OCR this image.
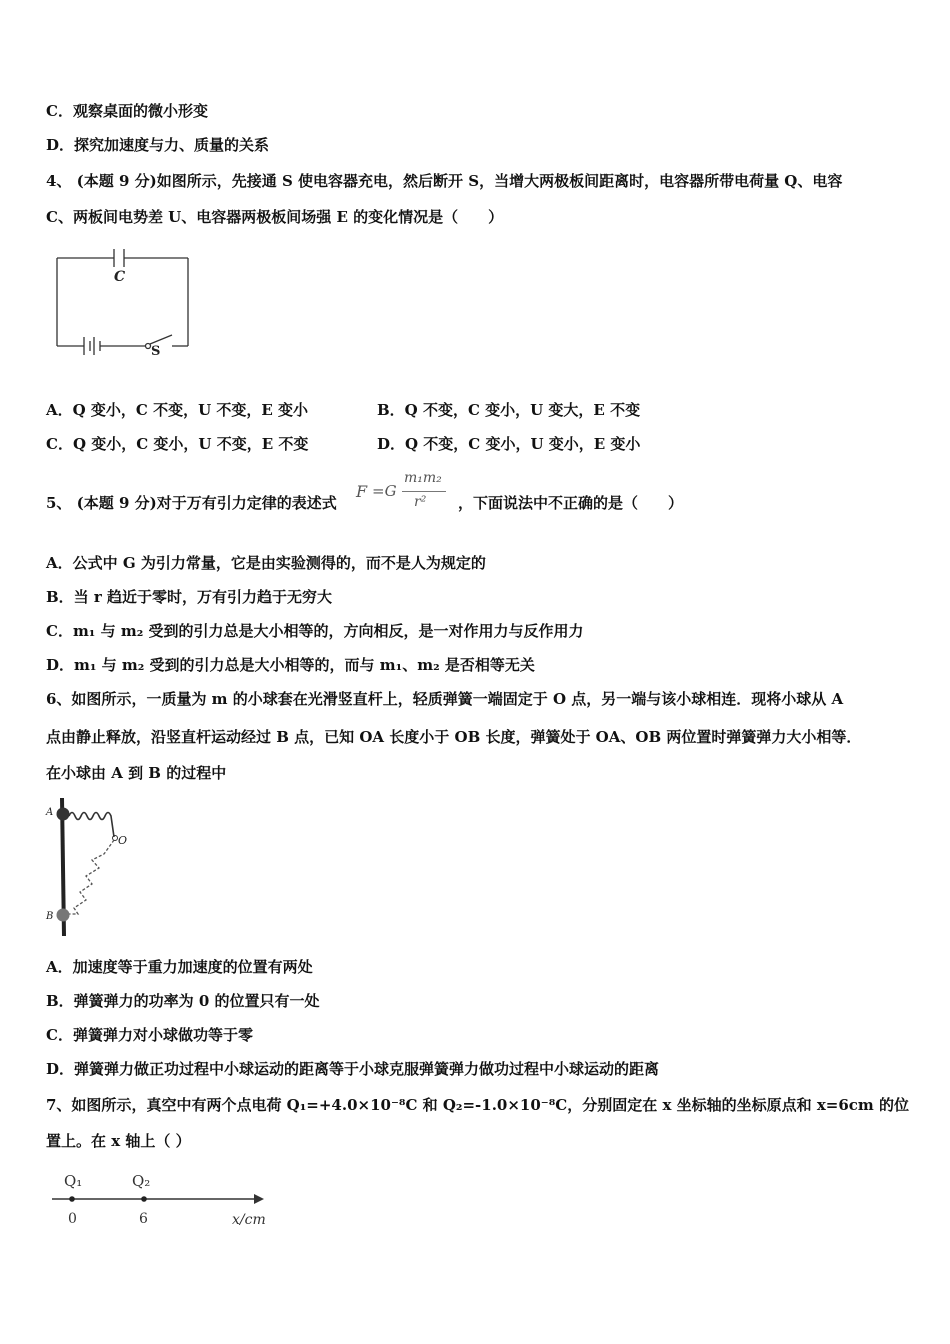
C．观察桌面的微小形变
D．探究加速度与力、质量的关系
4、 (本题 9 分)如图所示，先接通 S 使电容器充电，然后断开 S，当增大两极板间距离时，电容器所带电荷量 Q、电容
C、两板间电势差 U、电容器两极板间场强 E 的变化情况是（　　）
C
S
A．Q 变小，C 不变，U 不变，E 变小	B．Q 不变，C 变小，U 变大，E 不变
C．Q 变小，C 变小，U 不变，E 不变	D．Q 不变，C 变小，U 变小，E 变小
5、 (本题 9 分)对于万有引力定律的表述式
F =G
m₁m₂
r² ，下面说法中不正确的是（　　）
A．公式中 G 为引力常量，它是由实验测得的，而不是人为规定的
B．当 r 趋近于零时，万有引力趋于无穷大
C．m₁ 与 m₂ 受到的引力总是大小相等的，方向相反，是一对作用力与反作用力
D．m₁ 与 m₂ 受到的引力总是大小相等的，而与 m₁、m₂ 是否相等无关
6、如图所示，一质量为 m 的小球套在光滑竖直杆上，轻质弹簧一端固定于 O 点，另一端与该小球相连．现将小球从 A
点由静止释放，沿竖直杆运动经过 B 点，已知 OA 长度小于 OB 长度，弹簧处于 OA、OB 两位置时弹簧弹力大小相等．
在小球由 A 到 B 的过程中
A
O
B
A．加速度等于重力加速度的位置有两处
B．弹簧弹力的功率为 0 的位置只有一处
C．弹簧弹力对小球做功等于零
D．弹簧弹力做正功过程中小球运动的距离等于小球克服弹簧弹力做功过程中小球运动的距离
7、如图所示，真空中有两个点电荷 Q₁=+4.0×10⁻⁸C 和 Q₂=-1.0×10⁻⁸C，分别固定在 x 坐标轴的坐标原点和 x=6cm 的位
置上。在 x 轴上（ ）
Q₁	Q₂
0	6	x/cm
